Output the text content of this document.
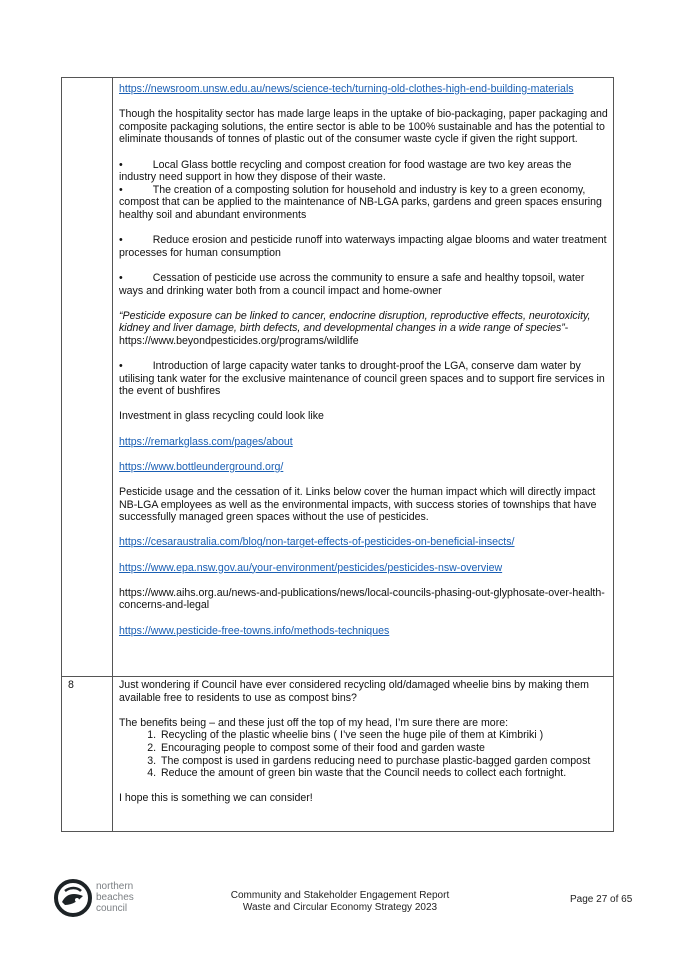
https://newsroom.unsw.edu.au/news/science-tech/turning-old-clothes-high-end-building-materials

Though the hospitality sector has made large leaps in the uptake of bio-packaging, paper packaging and composite packaging solutions, the entire sector is able to be 100% sustainable and has the potential to eliminate thousands of tonnes of plastic out of the consumer waste cycle if given the right support.

•	Local Glass bottle recycling and compost creation for food wastage are two key areas the industry need support in how they dispose of their waste.

•	The creation of a composting solution for household and industry is key to a green economy, compost that can be applied to the maintenance of NB-LGA parks, gardens and green spaces ensuring healthy soil and abundant environments

•	Reduce erosion and pesticide runoff into waterways impacting algae blooms and water treatment processes for human consumption

•	Cessation of pesticide use across the community to ensure a safe and healthy topsoil, water ways and drinking water both from a council impact and home-owner

“Pesticide exposure can be linked to cancer, endocrine disruption, reproductive effects, neurotoxicity, kidney and liver damage, birth defects, and developmental changes in a wide range of species”-https://www.beyondpesticides.org/programs/wildlife

•	Introduction of large capacity water tanks to drought-proof the LGA, conserve dam water by utilising tank water for the exclusive maintenance of council green spaces and to support fire services in the event of bushfires

Investment in glass recycling could look like

https://remarkglass.com/pages/about

https://www.bottleunderground.org/

Pesticide usage and the cessation of it. Links below cover the human impact which will directly impact NB-LGA employees as well as the environmental impacts, with success stories of townships that have successfully managed green spaces without the use of pesticides.

https://cesaraustralia.com/blog/non-target-effects-of-pesticides-on-beneficial-insects/

https://www.epa.nsw.gov.au/your-environment/pesticides/pesticides-nsw-overview

https://www.aihs.org.au/news-and-publications/news/local-councils-phasing-out-glyphosate-over-health-concerns-and-legal

https://www.pesticide-free-towns.info/methods-techniques

8	Just wondering if Council have ever considered recycling old/damaged wheelie bins by making them available free to residents to use as compost bins?

The benefits being – and these just off the top of my head, I’m sure there are more:

1. Recycling of the plastic wheelie bins ( I’ve seen the huge pile of them at Kimbriki )
2. Encouraging people to compost some of their food and garden waste
3. The compost is used in gardens reducing need to purchase plastic-bagged garden compost
4. Reduce the amount of green bin waste that the Council needs to collect each fortnight.

I hope this is something we can consider!

northern
beaches
council
Community and Stakeholder Engagement Report
Waste and Circular Economy Strategy 2023
Page 27 of 65
